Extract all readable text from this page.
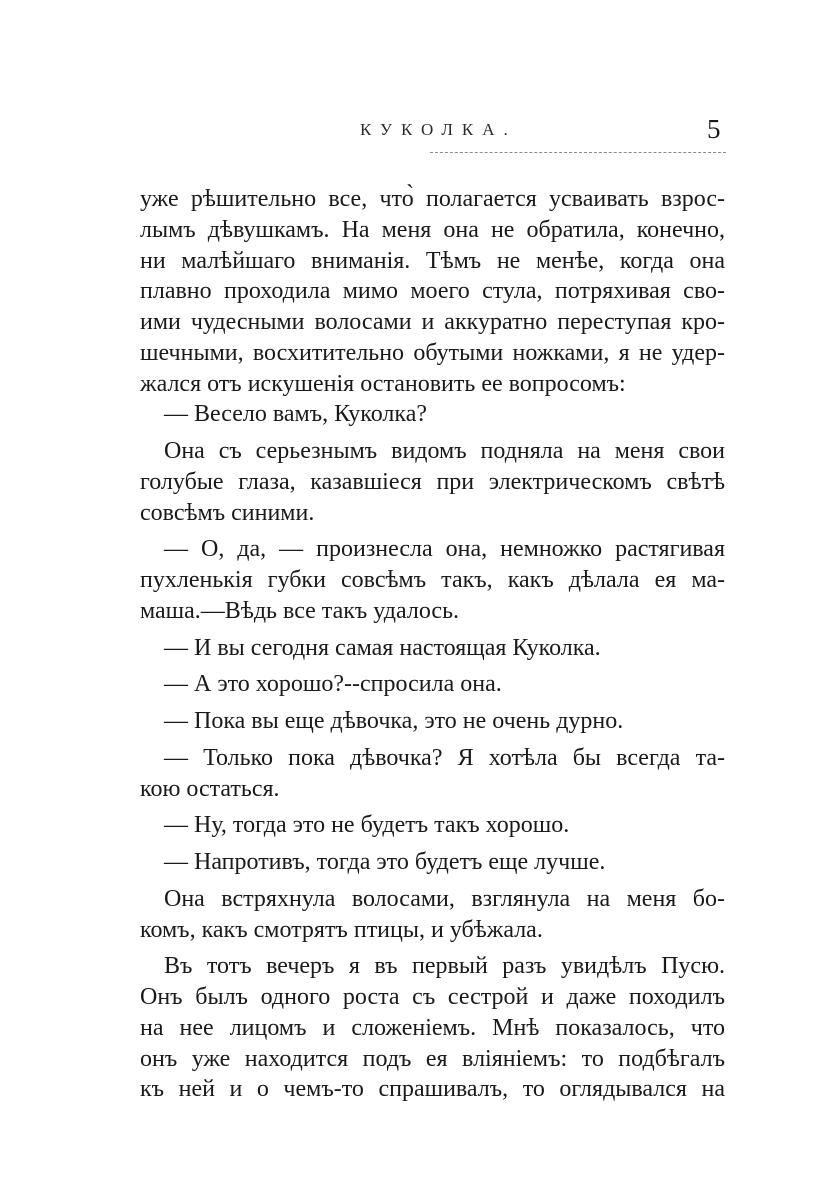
КУКОЛКА.	5
уже рѣшительно все, что̀ полагается усваивать взрос-
лымъ дѣвушкамъ. На меня она не обратила, конечно,
ни малѣйшаго вниманія. Тѣмъ не менѣе, когда она
плавно проходила мимо моего стула, потряхивая сво-
ими чудесными волосами и аккуратно переступая кро-
шечными, восхитительно обутыми ножками, я не удер-
жался отъ искушенія остановить ее вопросомъ:
— Весело вамъ, Куколка?
Она съ серьезнымъ видомъ подняла на меня свои
голубые глаза, казавшіеся при электрическомъ свѣтѣ
совсѣмъ синими.
— О, да, — произнесла она, немножко растягивая
пухленькія губки совсѣмъ такъ, какъ дѣлала ея ма-
маша.—Вѣдь все такъ удалось.
— И вы сегодня самая настоящая Куколка.
— А это хорошо?--спросила она.
— Пока вы еще дѣвочка, это не очень дурно.
— Только пока дѣвочка? Я хотѣла бы всегда та-
кою остаться.
— Ну, тогда это не будетъ такъ хорошо.
— Напротивъ, тогда это будетъ еще лучше.
Она встряхнула волосами, взглянула на меня бо-
комъ, какъ смотрятъ птицы, и убѣжала.
Въ тотъ вечеръ я въ первый разъ увидѣлъ Пусю.
Онъ былъ одного роста съ сестрой и даже походилъ
на нее лицомъ и сложеніемъ. Мнѣ показалось, что
онъ уже находится подъ ея вліяніемъ: то подбѣгалъ
къ ней и о чемъ-то спрашивалъ, то оглядывался на
